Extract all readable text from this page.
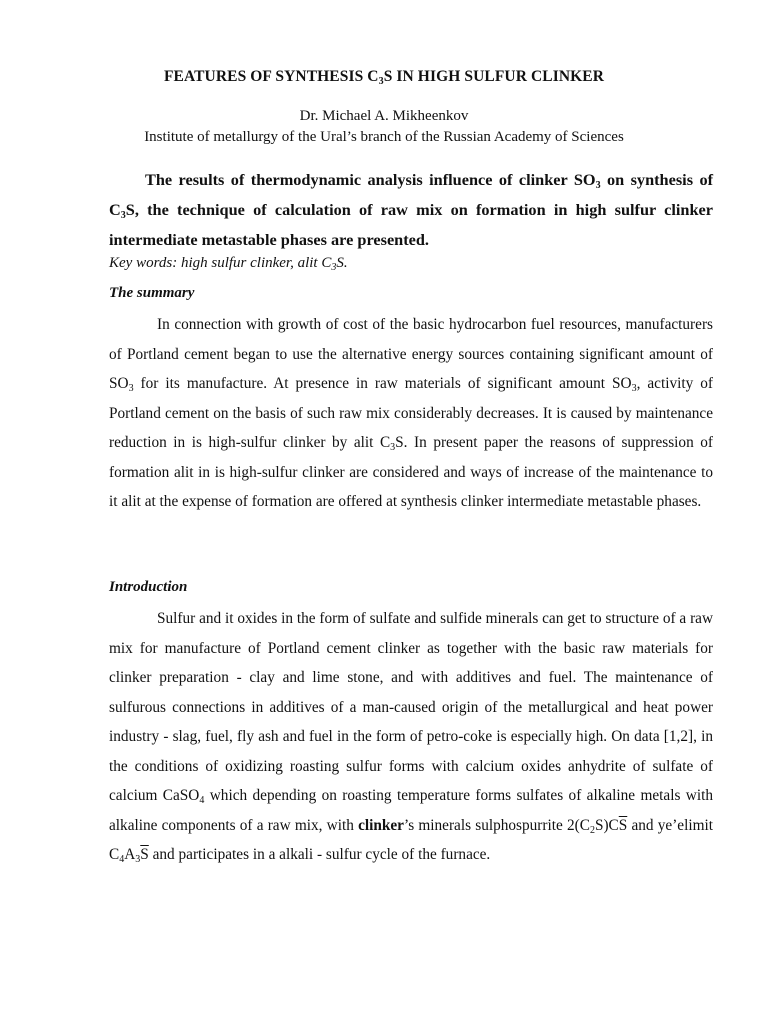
FEATURES OF SYNTHESIS $C_3S$ IN HIGH SULFUR CLINKER
Dr. Michael A. Mikheenkov
Institute of metallurgy of the Ural’s branch of the Russian Academy of Sciences
The results of thermodynamic analysis influence of clinker $SO_3$ on synthesis of $C_3S$, the technique of calculation of raw mix on formation in high sulfur clinker intermediate metastable phases are presented.
Key words: high sulfur clinker, alit $C_3S$.
The summary
In connection with growth of cost of the basic hydrocarbon fuel resources, manufacturers of Portland cement began to use the alternative energy sources containing significant amount of $SO_3$ for its manufacture. At presence in raw materials of significant amount $SO_3$, activity of Portland cement on the basis of such raw mix considerably decreases. It is caused by maintenance reduction in is high-sulfur clinker by alit $C_3S$. In present paper the reasons of suppression of formation alit in is high-sulfur clinker are considered and ways of increase of the maintenance to it alit at the expense of formation are offered at synthesis clinker intermediate metastable phases.
Introduction
Sulfur and it oxides in the form of sulfate and sulfide minerals can get to structure of a raw mix for manufacture of Portland cement clinker as together with the basic raw materials for clinker preparation - clay and lime stone, and with additives and fuel. The maintenance of sulfurous connections in additives of a man-caused origin of the metallurgical and heat power industry - slag, fuel, fly ash and fuel in the form of petro-coke is especially high. On data [1,2], in the conditions of oxidizing roasting sulfur forms with calcium oxides anhydrite of sulfate of calcium CaSO$_4$ which depending on roasting temperature forms sulfates of alkaline metals with alkaline components of a raw mix, with clinker’s minerals sulphospurrite $2(C_2S)C\overline{S}$ and ye’elimit $C_4A_3\overline{S}$ and participates in a alkali - sulfur cycle of the furnace.
